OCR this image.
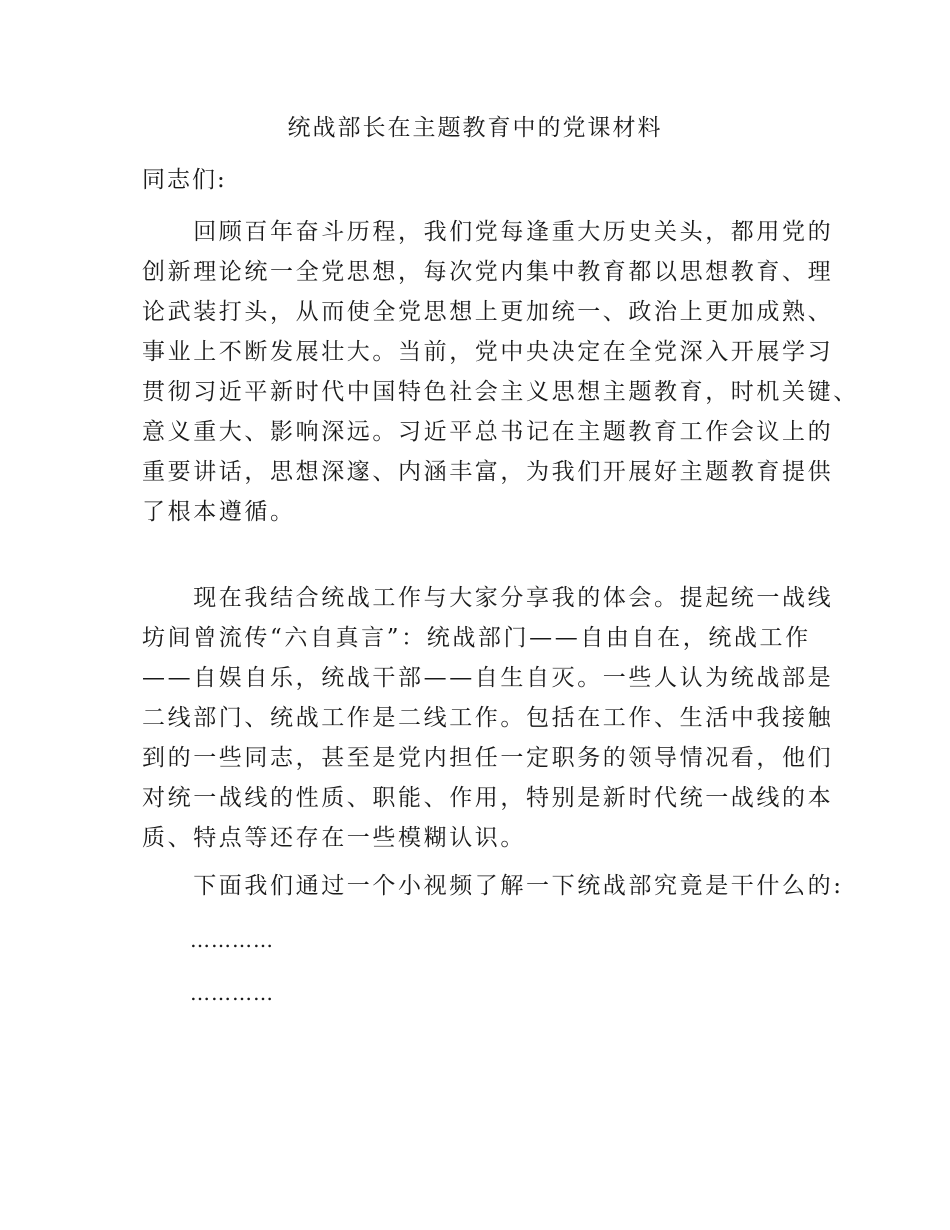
统战部长在主题教育中的党课材料
同志们:
　　回顾百年奋斗历程，我们党每逢重大历史关头，都用党的
创新理论统一全党思想，每次党内集中教育都以思想教育、理
论武装打头，从而使全党思想上更加统一、政治上更加成熟、
事业上不断发展壮大。当前，党中央决定在全党深入开展学习
贯彻习近平新时代中国特色社会主义思想主题教育，时机关键、
意义重大、影响深远。习近平总书记在主题教育工作会议上的
重要讲话，思想深邃、内涵丰富，为我们开展好主题教育提供
了根本遵循。
　　现在我结合统战工作与大家分享我的体会。提起统一战线
坊间曾流传“六自真言”：统战部门——自由自在，统战工作
——自娱自乐，统战干部——自生自灭。一些人认为统战部是
二线部门、统战工作是二线工作。包括在工作、生活中我接触
到的一些同志，甚至是党内担任一定职务的领导情况看，他们
对统一战线的性质、职能、作用，特别是新时代统一战线的本
质、特点等还存在一些模糊认识。
　　下面我们通过一个小视频了解一下统战部究竟是干什么的:
…………
…………
